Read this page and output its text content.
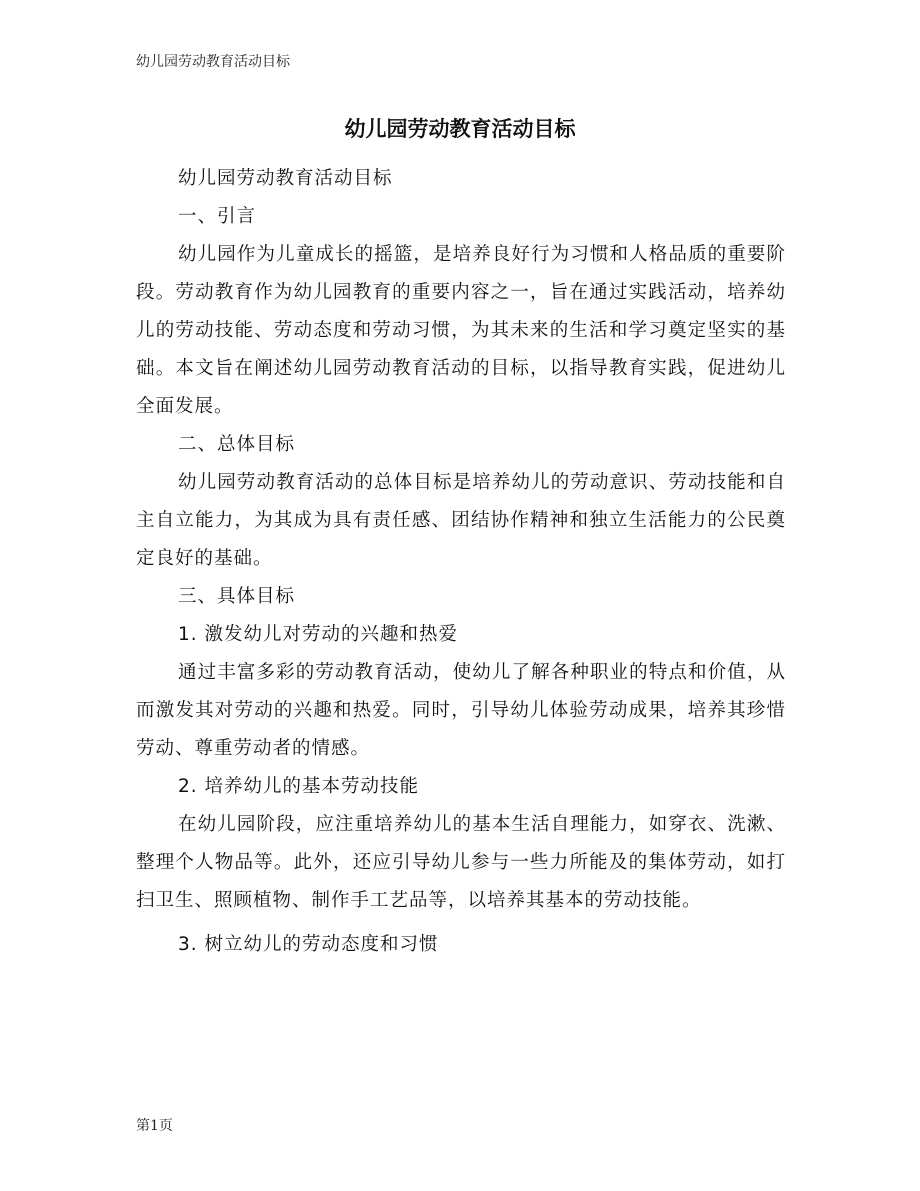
幼儿园劳动教育活动目标
幼儿园劳动教育活动目标

幼儿园劳动教育活动目标

一、引言

幼儿园作为儿童成长的摇篮，是培养良好行为习惯和人格品质的重要阶段。劳动教育作为幼儿园教育的重要内容之一，旨在通过实践活动，培养幼儿的劳动技能、劳动态度和劳动习惯，为其未来的生活和学习奠定坚实的基础。本文旨在阐述幼儿园劳动教育活动的目标，以指导教育实践，促进幼儿全面发展。

二、总体目标

幼儿园劳动教育活动的总体目标是培养幼儿的劳动意识、劳动技能和自主自立能力，为其成为具有责任感、团结协作精神和独立生活能力的公民奠定良好的基础。

三、具体目标

1. 激发幼儿对劳动的兴趣和热爱

通过丰富多彩的劳动教育活动，使幼儿了解各种职业的特点和价值，从而激发其对劳动的兴趣和热爱。同时，引导幼儿体验劳动成果，培养其珍惜劳动、尊重劳动者的情感。

2. 培养幼儿的基本劳动技能

在幼儿园阶段，应注重培养幼儿的基本生活自理能力，如穿衣、洗漱、整理个人物品等。此外，还应引导幼儿参与一些力所能及的集体劳动，如打扫卫生、照顾植物、制作手工艺品等，以培养其基本的劳动技能。

3. 树立幼儿的劳动态度和习惯

第1页
